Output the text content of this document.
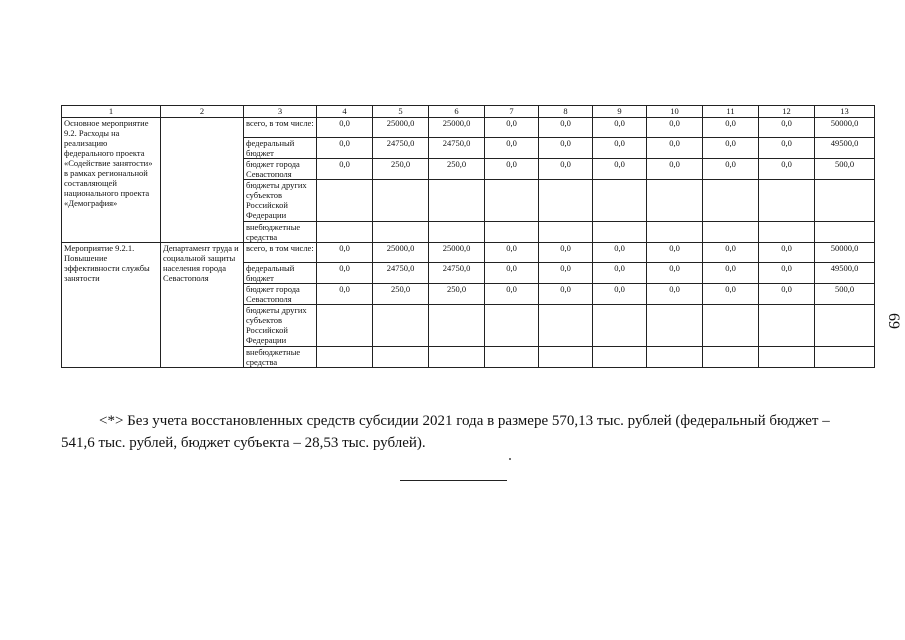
1	2	3	4	5	6	7	8	9	10	11	12	13
Основное мероприятие 9.2. Расходы на реализацию федерального проекта «Содействие занятости» в рамках региональной составляющей национального проекта «Демография»		всего, в том числе:	0,0	25000,0	25000,0	0,0	0,0	0,0	0,0	0,0	0,0	50000,0
		федеральный бюджет	0,0	24750,0	24750,0	0,0	0,0	0,0	0,0	0,0	0,0	49500,0
		бюджет города Севастополя	0,0	250,0	250,0	0,0	0,0	0,0	0,0	0,0	0,0	500,0
		бюджеты других субъектов Российской Федерации										
		внебюджетные средства										
Мероприятие 9.2.1. Повышение эффективности службы занятости	Департамент труда и социальной защиты населения города Севастополя	всего, в том числе:	0,0	25000,0	25000,0	0,0	0,0	0,0	0,0	0,0	0,0	50000,0
		федеральный бюджет	0,0	24750,0	24750,0	0,0	0,0	0,0	0,0	0,0	0,0	49500,0
		бюджет города Севастополя	0,0	250,0	250,0	0,0	0,0	0,0	0,0	0,0	0,0	500,0
		бюджеты других субъектов Российской Федерации										
		внебюджетные средства										

<*> Без учета восстановленных средств субсидии 2021 года в размере 570,13 тыс. рублей (федеральный бюджет – 541,6 тыс. рублей, бюджет субъекта – 28,53 тыс. рублей).

69
